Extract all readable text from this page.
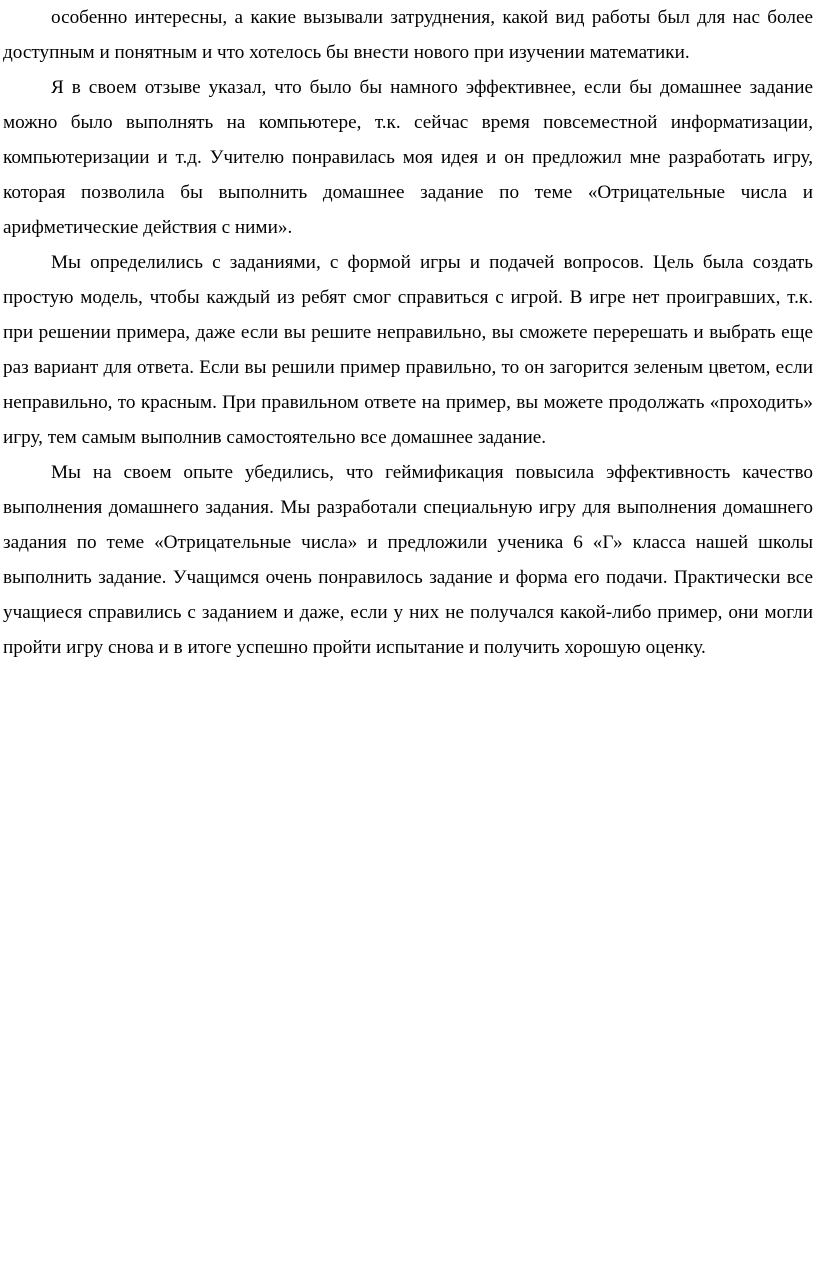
особенно интересны, а какие вызывали затруднения, какой вид работы был для нас более доступным и понятным и что хотелось бы внести нового при изучении математики.

Я в своем отзыве указал, что было бы намного эффективнее, если бы домашнее задание можно было выполнять на компьютере, т.к. сейчас время повсеместной информатизации, компьютеризации и т.д. Учителю понравилась моя идея и он предложил мне разработать игру, которая позволила бы выполнить домашнее задание по теме «Отрицательные числа и арифметические действия с ними».

Мы определились с заданиями, с формой игры и подачей вопросов. Цель была создать простую модель, чтобы каждый из ребят смог справиться с игрой. В игре нет проигравших, т.к. при решении примера, даже если вы решите неправильно, вы сможете перерешать и выбрать еще раз вариант для ответа. Если вы решили пример правильно, то он загорится зеленым цветом, если неправильно, то красным. При правильном ответе на пример, вы можете продолжать «проходить» игру, тем самым выполнив самостоятельно все домашнее задание.

Мы на своем опыте убедились, что геймификация повысила эффективность качество выполнения домашнего задания. Мы разработали специальную игру для выполнения домашнего задания по теме «Отрицательные числа» и предложили ученика 6 «Г» класса нашей школы выполнить задание. Учащимся очень понравилось задание и форма его подачи. Практически все учащиеся справились с заданием и даже, если у них не получался какой-либо пример, они могли пройти игру снова и в итоге успешно пройти испытание и получить хорошую оценку.
